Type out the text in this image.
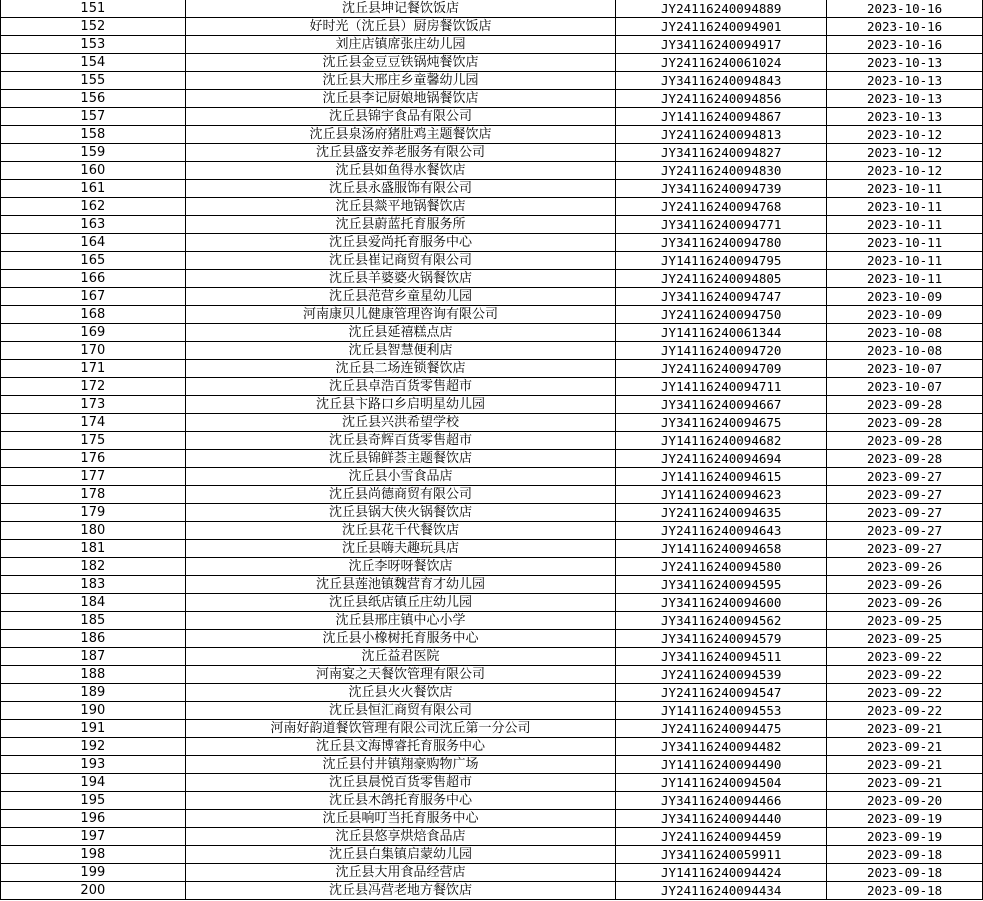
151	沈丘县坤记餐饮饭店	JY24116240094889	2023-10-16
152	好时光（沈丘县）厨房餐饮饭店	JY24116240094901	2023-10-16
153	刘庄店镇席张庄幼儿园	JY34116240094917	2023-10-16
154	沈丘县金豆豆铁锅炖餐饮店	JY24116240061024	2023-10-13
155	沈丘县大邢庄乡童馨幼儿园	JY34116240094843	2023-10-13
156	沈丘县李记厨娘地锅餐饮店	JY24116240094856	2023-10-13
157	沈丘县锦宇食品有限公司	JY14116240094867	2023-10-13
158	沈丘县泉汤府猪肚鸡主题餐饮店	JY24116240094813	2023-10-12
159	沈丘县盛安养老服务有限公司	JY34116240094827	2023-10-12
160	沈丘县如鱼得水餐饮店	JY24116240094830	2023-10-12
161	沈丘县永盛服饰有限公司	JY34116240094739	2023-10-11
162	沈丘县燚平地锅餐饮店	JY24116240094768	2023-10-11
163	沈丘县蔚蓝托育服务所	JY34116240094771	2023-10-11
164	沈丘县爱尚托育服务中心	JY34116240094780	2023-10-11
165	沈丘县崔记商贸有限公司	JY14116240094795	2023-10-11
166	沈丘县羊婆婆火锅餐饮店	JY24116240094805	2023-10-11
167	沈丘县范营乡童星幼儿园	JY34116240094747	2023-10-09
168	河南康贝儿健康管理咨询有限公司	JY24116240094750	2023-10-09
169	沈丘县延禧糕点店	JY14116240061344	2023-10-08
170	沈丘县智慧便利店	JY14116240094720	2023-10-08
171	沈丘县二场连锁餐饮店	JY24116240094709	2023-10-07
172	沈丘县卓浩百货零售超市	JY14116240094711	2023-10-07
173	沈丘县卞路口乡启明星幼儿园	JY34116240094667	2023-09-28
174	沈丘县兴洪希望学校	JY34116240094675	2023-09-28
175	沈丘县奇辉百货零售超市	JY14116240094682	2023-09-28
176	沈丘县锦鲜荟主题餐饮店	JY24116240094694	2023-09-28
177	沈丘县小雪食品店	JY14116240094615	2023-09-27
178	沈丘县尚德商贸有限公司	JY14116240094623	2023-09-27
179	沈丘县锅大侠火锅餐饮店	JY24116240094635	2023-09-27
180	沈丘县花千代餐饮店	JY24116240094643	2023-09-27
181	沈丘县嗨夫趣玩具店	JY14116240094658	2023-09-27
182	沈丘李呀呀餐饮店	JY24116240094580	2023-09-26
183	沈丘县莲池镇魏营育才幼儿园	JY34116240094595	2023-09-26
184	沈丘县纸店镇丘庄幼儿园	JY34116240094600	2023-09-26
185	沈丘县邢庄镇中心小学	JY34116240094562	2023-09-25
186	沈丘县小橡树托育服务中心	JY34116240094579	2023-09-25
187	沈丘益君医院	JY34116240094511	2023-09-22
188	河南宴之天餐饮管理有限公司	JY24116240094539	2023-09-22
189	沈丘县火火餐饮店	JY24116240094547	2023-09-22
190	沈丘县恒汇商贸有限公司	JY14116240094553	2023-09-22
191	河南好韵道餐饮管理有限公司沈丘第一分公司	JY24116240094475	2023-09-21
192	沈丘县文海博睿托育服务中心	JY34116240094482	2023-09-21
193	沈丘县付井镇翔豪购物广场	JY14116240094490	2023-09-21
194	沈丘县晨悦百货零售超市	JY14116240094504	2023-09-21
195	沈丘县木鸽托育服务中心	JY34116240094466	2023-09-20
196	沈丘县响叮当托育服务中心	JY34116240094440	2023-09-19
197	沈丘县悠享烘焙食品店	JY24116240094459	2023-09-19
198	沈丘县白集镇启蒙幼儿园	JY34116240059911	2023-09-18
199	沈丘县大用食品经营店	JY14116240094424	2023-09-18
200	沈丘县冯营老地方餐饮店	JY24116240094434	2023-09-18
